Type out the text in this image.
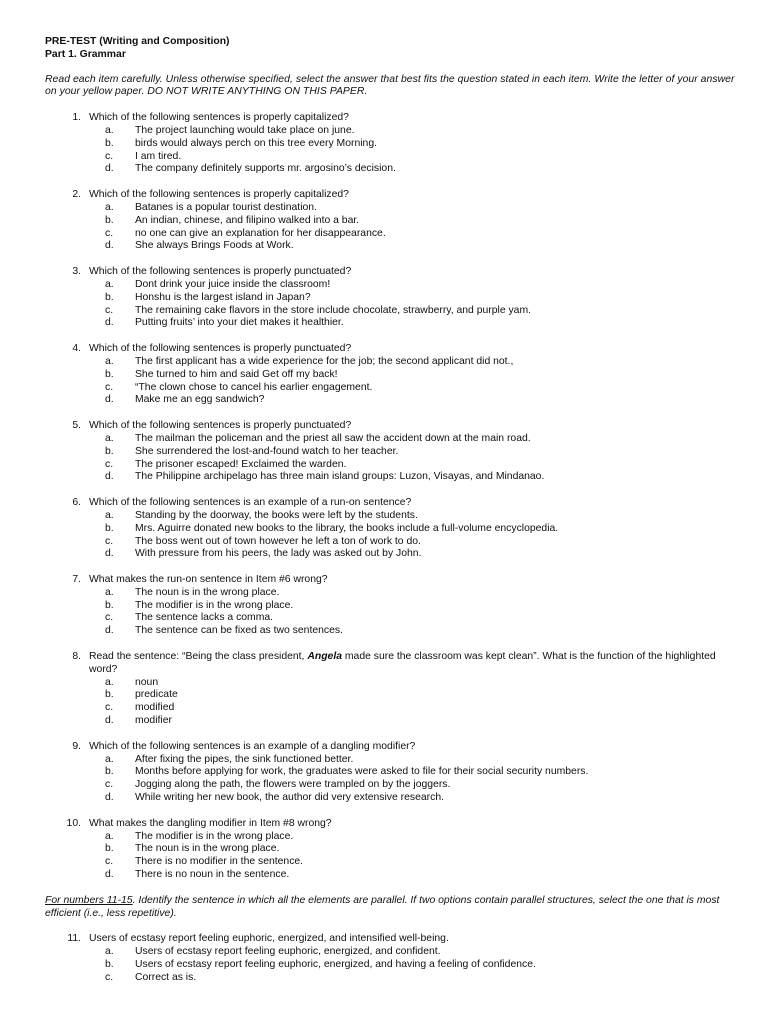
PRE-TEST (Writing and Composition)
Part 1. Grammar
Read each item carefully. Unless otherwise specified, select the answer that best fits the question stated in each item. Write the letter of your answer on your yellow paper. DO NOT WRITE ANYTHING ON THIS PAPER.
1. Which of the following sentences is properly capitalized?
a.	The project launching would take place on june.
b.	birds would always perch on this tree every Morning.
c.	I am tired.
d.	The company definitely supports mr. argosino’s decision.
2. Which of the following sentences is properly capitalized?
a.	Batanes is a popular tourist destination.
b.	An indian, chinese, and filipino walked into a bar.
c.	no one can give an explanation for her disappearance.
d.	She always Brings Foods at Work.
3. Which of the following sentences is properly punctuated?
a.	Dont drink your juice inside the classroom!
b.	Honshu is the largest island in Japan?
c.	The remaining cake flavors in the store include chocolate, strawberry, and purple yam.
d.	Putting fruits’ into your diet makes it healthier.
4. Which of the following sentences is properly punctuated?
a.	The first applicant has a wide experience for the job; the second applicant did not.,
b.	She turned to him and said Get off my back!
c.	“The clown chose to cancel his earlier engagement.
d.	Make me an egg sandwich?
5. Which of the following sentences is properly punctuated?
a.	The mailman the policeman and the priest all saw the accident down at the main road.
b.	She surrendered the lost-and-found watch to her teacher.
c.	The prisoner escaped! Exclaimed the warden.
d.	The Philippine archipelago has three main island groups: Luzon, Visayas, and Mindanao.
6. Which of the following sentences is an example of a run-on sentence?
a.	Standing by the doorway, the books were left by the students.
b.	Mrs. Aguirre donated new books to the library, the books include a full-volume encyclopedia.
c.	The boss went out of town however he left a ton of work to do.
d.	With pressure from his peers, the lady was asked out by John.
7. What makes the run-on sentence in Item #6 wrong?
a.	The noun is in the wrong place.
b.	The modifier is in the wrong place.
c.	The sentence lacks a comma.
d.	The sentence can be fixed as two sentences.
8. Read the sentence: “Being the class president, Angela made sure the classroom was kept clean”. What is the function of the highlighted word?
a.	noun
b.	predicate
c.	modified
d.	modifier
9. Which of the following sentences is an example of a dangling modifier?
a.	After fixing the pipes, the sink functioned better.
b.	Months before applying for work, the graduates were asked to file for their social security numbers.
c.	Jogging along the path, the flowers were trampled on by the joggers.
d.	While writing her new book, the author did very extensive research.
10. What makes the dangling modifier in Item #8 wrong?
a.	The modifier is in the wrong place.
b.	The noun is in the wrong place.
c.	There is no modifier in the sentence.
d.	There is no noun in the sentence.
For numbers 11-15. Identify the sentence in which all the elements are parallel. If two options contain parallel structures, select the one that is most efficient (i.e., less repetitive).
11. Users of ecstasy report feeling euphoric, energized, and intensified well-being.
a.	Users of ecstasy report feeling euphoric, energized, and confident.
b.	Users of ecstasy report feeling euphoric, energized, and having a feeling of confidence.
c.	Correct as is.
